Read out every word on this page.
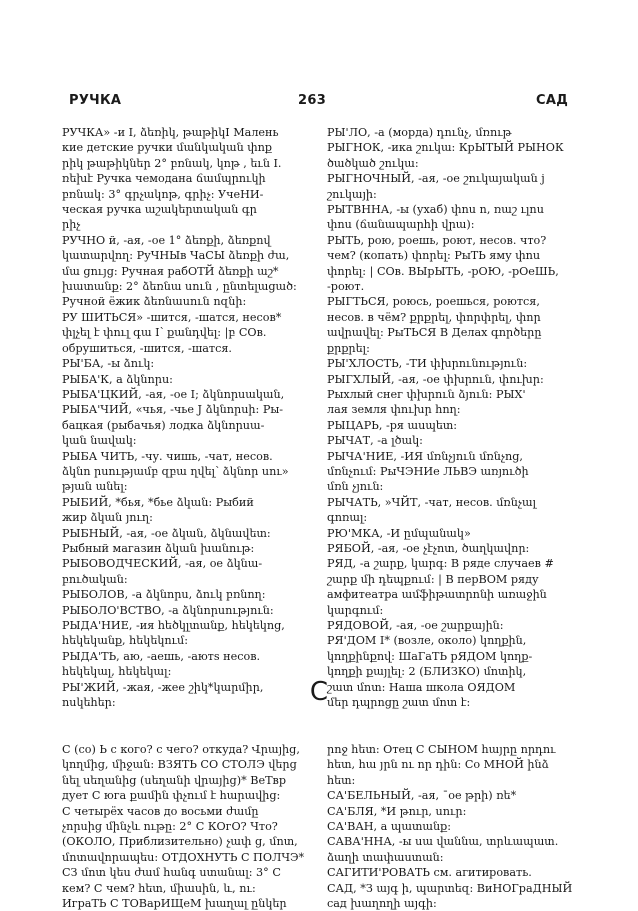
РУЧКА	263	САД

РУЧКА» -и I, ձեռիկ, թաթիկI Малень

кие детские ручки մանկական փոք

րիկ թաթիկներ 2° բռնակ, կոթ , եւն I.

ռեխէ Ручка чемодана ճամպրուկի

բռնակ: 3° գրչակոթ, գրիչ: УчеНИ-

ческая ручка աշակերտական գր

րիչ

РУЧНО й, -ая, -ое 1° ձեռքի, ձեռքով

կատարվող: РуЧНЫв ЧаСЫ ձեռքի ժա,

մա ցույց: Ручная рабОТЙ ձեռքի աշ*

խատանք: 2° ձեռնա սուն , ընտելացած:

Ручной ёжик ձեռնասուն ոզնի:

РУ ШИТЬСЯ» -шится, -шатся, несов*

փլչել է փուլ գա I՝ քանդվել: |բ СОв.

обрушиться, -шится, -шатся.

РЫ'БА, -ы ձուկ:

РЫБА'К, а ձկնորս:

РЫБА'ЦКИЙ, -ая, -ое I; ձկնորսական,

РЫБА'ЧИЙ, «чья, -чье J ձկնորսի: Ры-

бацкая (рыбачья) лодка ձկնորսա-

կան նավակ:

РЫБА ЧИТЬ, -чу. чишь, -чат, несов.

ձկնո րսությամբ զբա ղվել՝ ձկնոր սու»

թյան անել:

РЫБИЙ, *бья, *бье ձկան: Рыбий

жир ձկան յուղ:

РЫБНЫЙ, -ая, -ое ձկան, ձկնավետ:

Рыбный магазин ձկան խանութ:

РЫБОВОДЧЕСКИЙ, -ая, ое ձկնա-

բուծական:

РЫБОЛОВ, -а ձկնորս, ձուկ բռնող:

РЫБОЛО'ВСТВО, -а ձկնորսություն:

РЫДА'НИЕ, -ия հեծկլտանք, հեկեկոց,

հեկեկանք, հեկեկում:

РЫДА'ТЬ, аю, -аешь, -аютs несов.

հեկեկալ, հեկեկալ:

РЫ'ЖИЙ, -жая, -жее շիկ*կարմիր,

ոսկեհեր:

РЫ'ЛО, -а (морда) դունչ, մռութ

РЫГНОК, -ика շուկա: КрЫТЫЙ РЫНОК

ծածկած շուկա:

РЫГНОЧНЫЙ, -ая, -ое շուկայական j

շուկայի:

РЫТВННА, -ы (ухаб) փոս ո, ռաշ ւլոս

փոս (ճանապարհի վրա):

РЫТЬ, рою, роешь, роют, несов. что?

чем? (копать) փորել: РыТЬ яму փոս

փորել: | СОв. ВЫрЫТЬ, -рОЮ, -рОеШЬ,

-роют.

РЫГТЬСЯ, роюсь, роешься, роются,

несов. в чём? քրքրել, փորփրել, փոր

ավրավել: РыТЬСЯ В Делах գործերը

քրքրել:

РЫ'ХЛОСТЬ, -ТИ փխրունություն:

РЫГХЛЫЙ, -ая, -ое փխրուն, փուխր:

Рыхлый снег փխրուն ձյուն: РЫХ'

лая земля փուխր հող:

РЫЦАРЬ, -ря ասպետ:

РЫЧАТ, -а լծակ:

РЫЧА'НИЕ, -ИЯ մռնչյուն մռնչոց,

մռնչում: РыЧЭНИе ЛЬВЭ առյուծի

մռն չյուն:

РЫЧАТЬ, »ЧЙТ, -чат, несов. մռնչալ

գոռալ:

РЮ'МКА, -И ըմպանակ»

РЯБОЙ, -ая, -ое չէչոտ, ծաղկավոր:

РЯД, -а շարք, կարգ: В ряде случаев #

շարք մի դեպքում: | В перВОМ ряду

амфитеатра ամֆիթատրոնի առաջին

կարգում:

РЯДОВОЙ, -ая, -ое շարքային:

РЯ'ДОМ I* (возле, около) կողքին,

կողքինքով: ШаГаТЬ рЯДОМ կողք-

կողքի քայլել: 2 (БЛИЗКО) մոտիկ,

շատ մոտ: Наша школа ОЯДОМ

մեր դպրոցը շատ մոտ է:

С

С (со) Ь с кого? с чего? откуда? Վրայից,

կողմից, միջան: ВЗЯТЬ СО СТОЛЭ վերց

նել սեղանից (սեղանի վրայից)* ВеТвр

дует С юга քամին փչում է հարավից:

С четырёх часов до восьми ժամը

չորսից մինչև ութը: 2° С КОгО? Что?

(ОКОЛО, Приблизительно) չափ ց, մոտ,

մոտավորապես: ОТДОХНУТЬ С ПОЛЧЭ*

СЗ մոտ կես ժամ հանգ ստանալ: 3° С

кем? С чем? հետ, միասին, և, ու:

ИграТЬ С ТОВарИЩеМ խաղալ ընկեր

րոջ հետ: Отец С СЫНОМ հայրը որդու

հետ, հա յրն ու որ դին: Со МНОЙ ինձ

հետ:

СА'БЕЛЬНЫЙ, -ая, ¯ое թրի) ռե*

СА'БЛЯ, *И թուր, սուր:

СА'ВАН, а պատանք:

САВА'ННА, -ы սա վաննա, տրևապատ.

ձաղի տափաստան:

САГИТИ'РОВАТЬ см. агитировать.

САД, *З այգ ի, պարտեզ: ВиНОГраДНЫЙ

сад խաղողի այգի:
